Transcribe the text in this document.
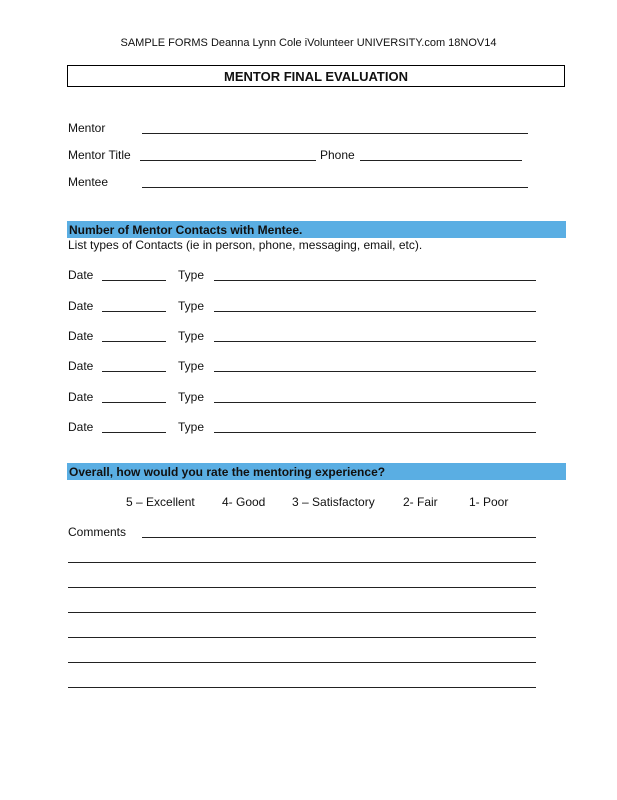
SAMPLE FORMS Deanna Lynn Cole iVolunteer UNIVERSITY.com 18NOV14
MENTOR FINAL EVALUATION
Mentor
Mentor Title	Phone
Mentee
Number of Mentor Contacts with Mentee.
List types of Contacts (ie in person, phone, messaging, email, etc).
Date	Type
Date	Type
Date	Type
Date	Type
Date	Type
Date	Type
Overall, how would you rate the mentoring experience?
5 – Excellent 4- Good 3 – Satisfactory 2- Fair	1- Poor
Comments
